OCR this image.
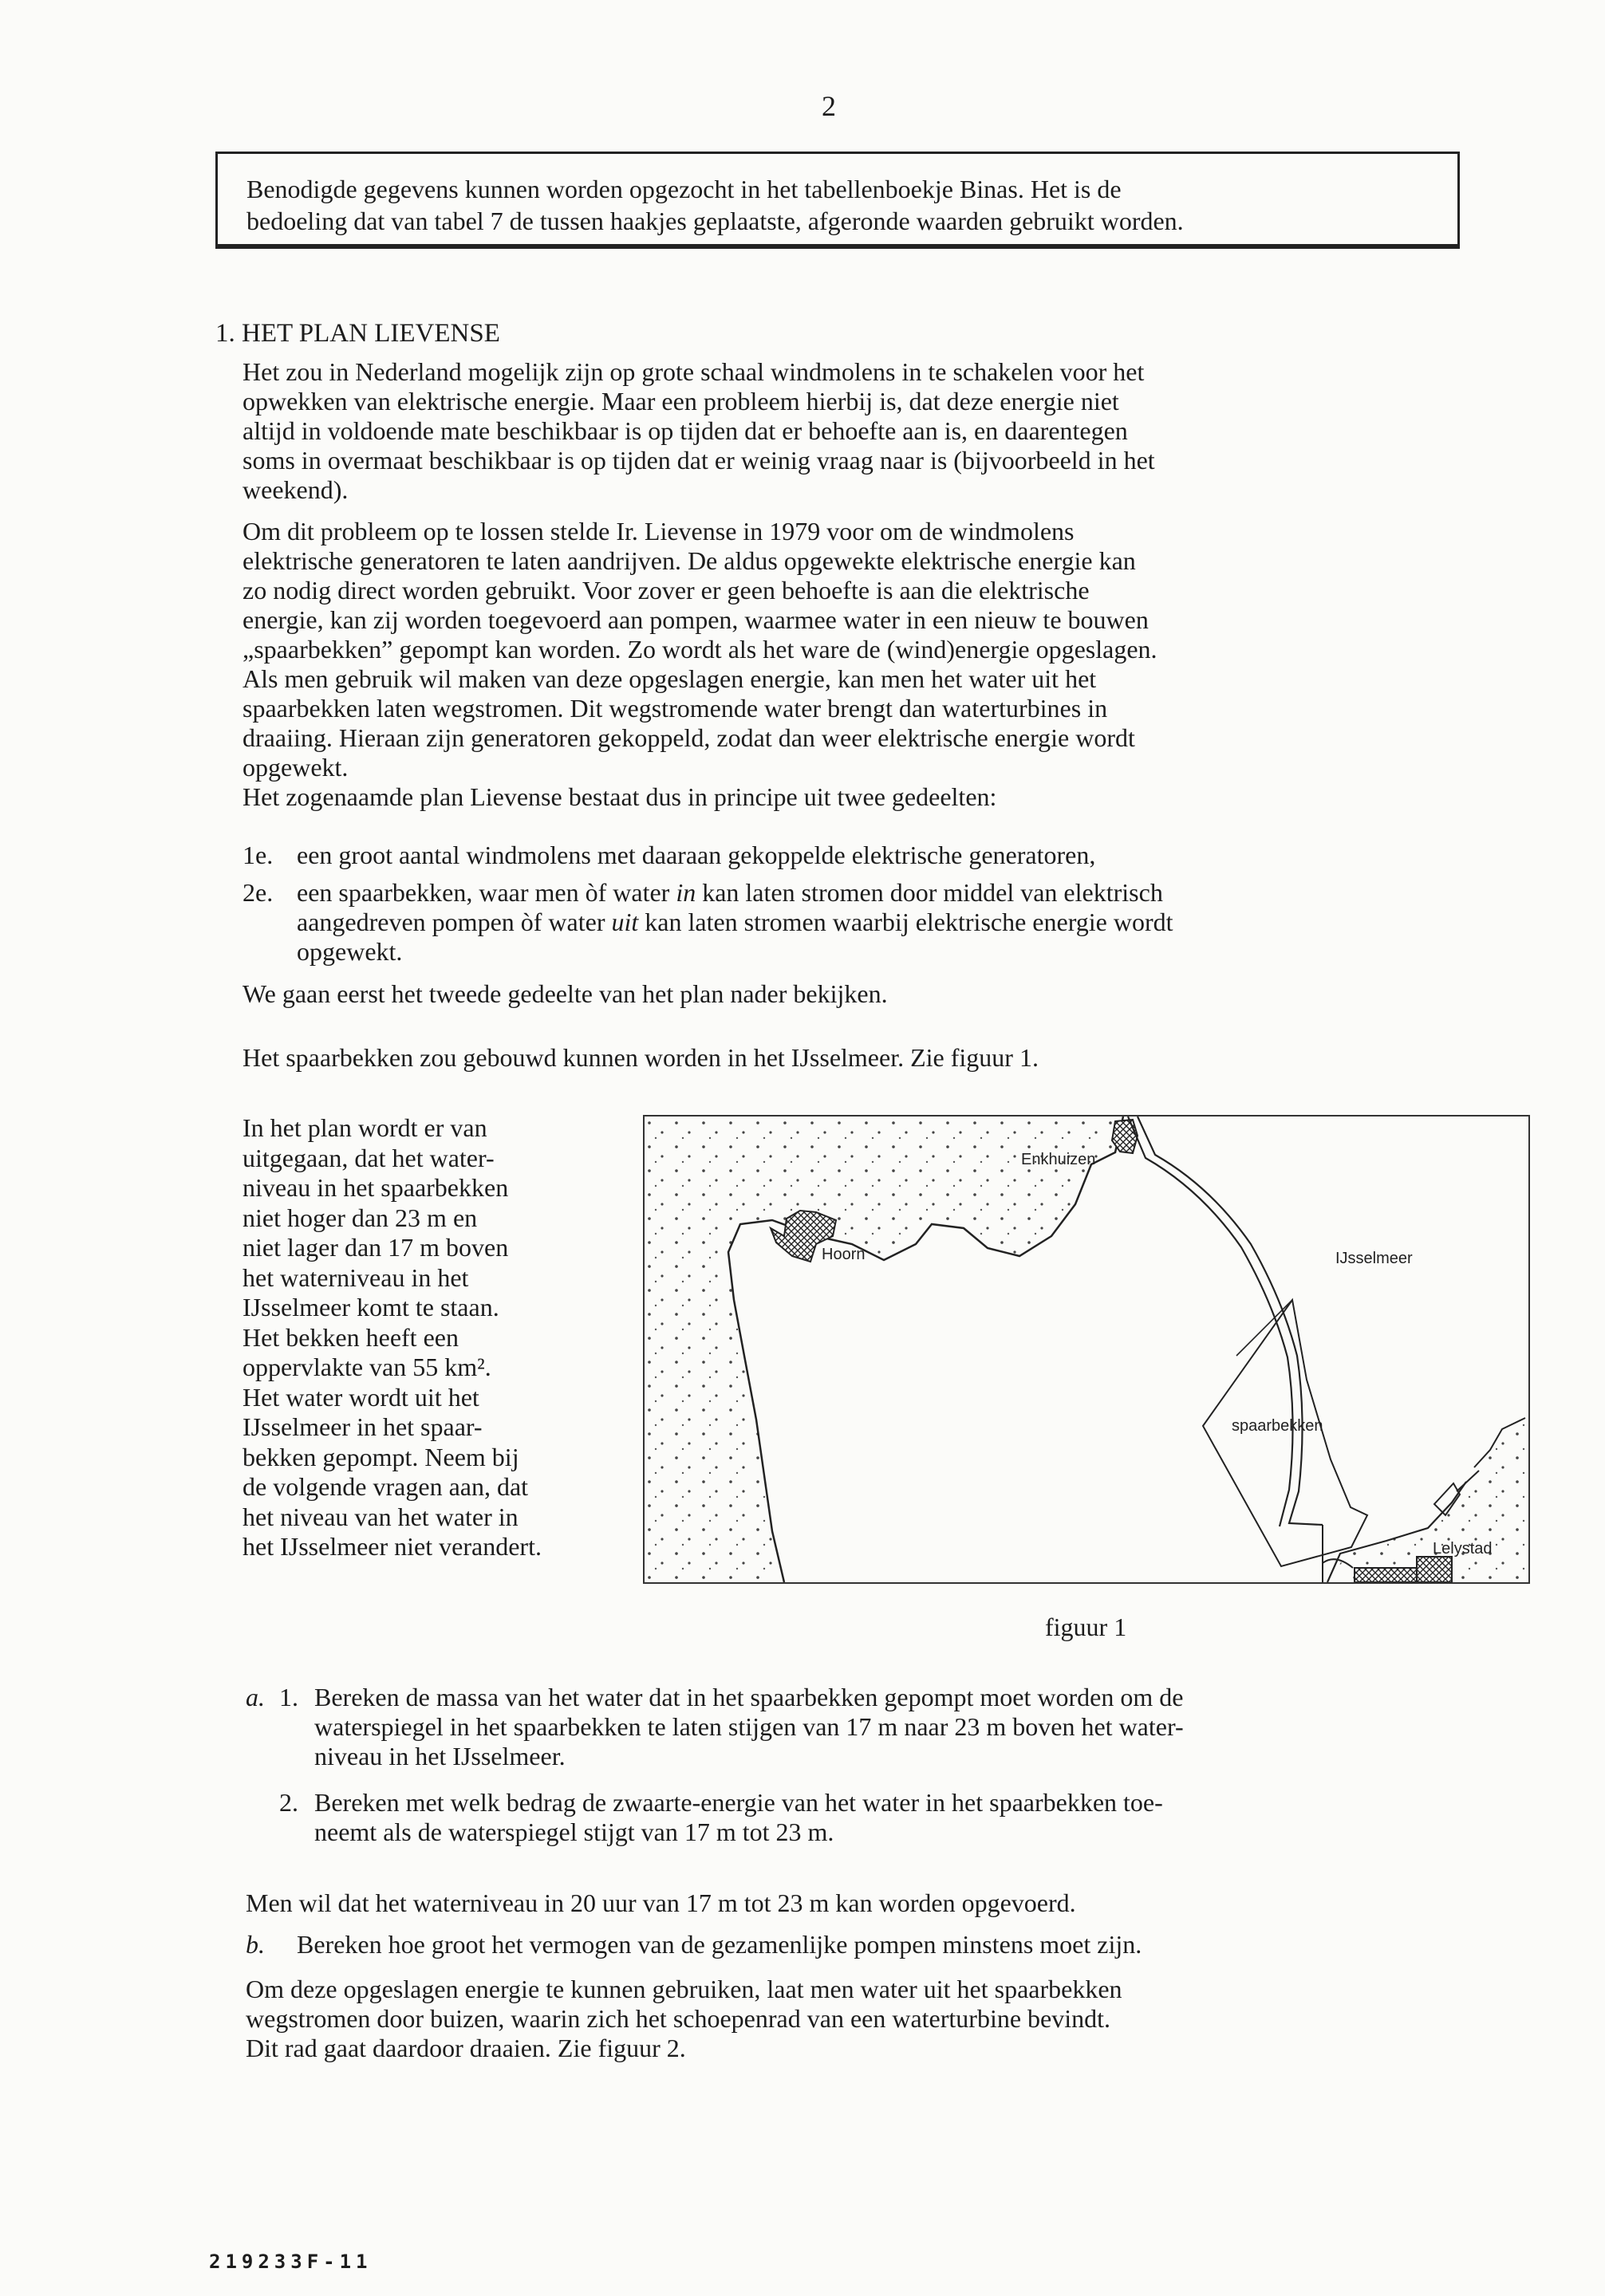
2
Benodigde gegevens kunnen worden opgezocht in het tabellenboekje Binas. Het is de
bedoeling dat van tabel 7 de tussen haakjes geplaatste, afgeronde waarden gebruikt worden.
1. HET PLAN LIEVENSE
Het zou in Nederland mogelijk zijn op grote schaal windmolens in te schakelen voor het
opwekken van elektrische energie. Maar een probleem hierbij is, dat deze energie niet
altijd in voldoende mate beschikbaar is op tijden dat er behoefte aan is, en daarentegen
soms in overmaat beschikbaar is op tijden dat er weinig vraag naar is (bijvoorbeeld in het
weekend).
Om dit probleem op te lossen stelde Ir. Lievense in 1979 voor om de windmolens
elektrische generatoren te laten aandrijven. De aldus opgewekte elektrische energie kan
zo nodig direct worden gebruikt. Voor zover er geen behoefte is aan die elektrische
energie, kan zij worden toegevoerd aan pompen, waarmee water in een nieuw te bouwen
„spaarbekken” gepompt kan worden. Zo wordt als het ware de (wind)energie opgeslagen.
Als men gebruik wil maken van deze opgeslagen energie, kan men het water uit het
spaarbekken laten wegstromen. Dit wegstromende water brengt dan waterturbines in
draaiing. Hieraan zijn generatoren gekoppeld, zodat dan weer elektrische energie wordt
opgewekt.
Het zogenaamde plan Lievense bestaat dus in principe uit twee gedeelten:
1e. een groot aantal windmolens met daaraan gekoppelde elektrische generatoren,
2e. een spaarbekken, waar men òf water in kan laten stromen door middel van elektrisch
aangedreven pompen òf water uit kan laten stromen waarbij elektrische energie wordt
opgewekt.
We gaan eerst het tweede gedeelte van het plan nader bekijken.
Het spaarbekken zou gebouwd kunnen worden in het IJsselmeer. Zie figuur 1.
In het plan wordt er van
uitgegaan, dat het water-
niveau in het spaarbekken
niet hoger dan 23 m en
niet lager dan 17 m boven
het waterniveau in het
IJsselmeer komt te staan.
Het bekken heeft een
oppervlakte van 55 km².
Het water wordt uit het
IJsselmeer in het spaar-
bekken gepompt. Neem bij
de volgende vragen aan, dat
het niveau van het water in
het IJsselmeer niet verandert.
Enkhuizen
Hoorn	IJsselmeer
spaarbekken
Lelystad
figuur 1
a. 1. Bereken de massa van het water dat in het spaarbekken gepompt moet worden om de
waterspiegel in het spaarbekken te laten stijgen van 17 m naar 23 m boven het water-
niveau in het IJsselmeer.
2. Bereken met welk bedrag de zwaarte-energie van het water in het spaarbekken toe-
neemt als de waterspiegel stijgt van 17 m tot 23 m.
Men wil dat het waterniveau in 20 uur van 17 m tot 23 m kan worden opgevoerd.
b. Bereken hoe groot het vermogen van de gezamenlijke pompen minstens moet zijn.
Om deze opgeslagen energie te kunnen gebruiken, laat men water uit het spaarbekken
wegstromen door buizen, waarin zich het schoepenrad van een waterturbine bevindt.
Dit rad gaat daardoor draaien. Zie figuur 2.
219233F-11
